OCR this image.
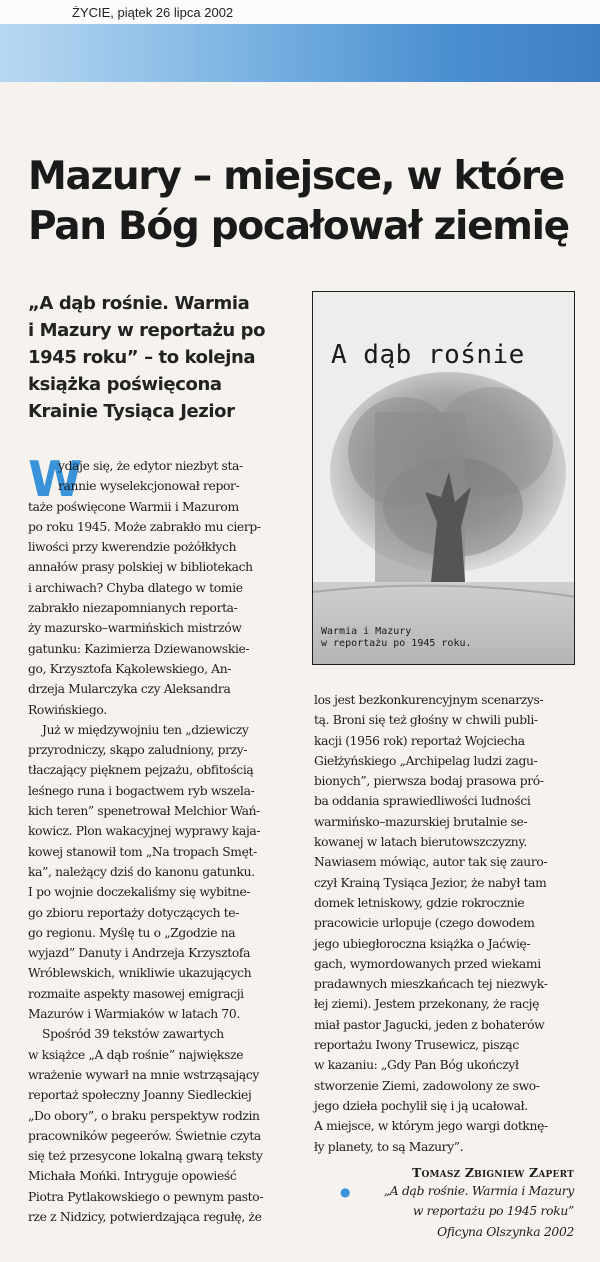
ŻYCIE, piątek 26 lipca 2002
Mazury – miejsce, w które
Pan Bóg pocałował ziemię
„A dąb rośnie. Warmia
i Mazury w reportażu po
1945 roku” – to kolejna
książka poświęcona
Krainie Tysiąca Jezior
A dąb rośnie
Warmia i Mazury
w reportażu po 1945 roku.
W
ydaje się, że edytor niezbyt sta-
rannie wyselekcjonował repor-
taże poświęcone Warmii i Mazurom
po roku 1945. Może zabrakło mu cierp-
liwości przy kwerendzie pożółkłych
annałów prasy polskiej w bibliotekach
i archiwach? Chyba dlatego w tomie
zabrakło niezapomnianych reporta-
ży mazursko–warmińskich mistrzów
gatunku: Kazimierza Dziewanowskie-
go, Krzysztofa Kąkolewskiego, An-
drzeja Mularczyka czy Aleksandra
Rowińskiego.
Już w międzywojniu ten „dziewiczy
przyrodniczy, skąpo zaludniony, przy-
tłaczający pięknem pejzażu, obfitością
leśnego runa i bogactwem ryb wszela-
kich teren” spenetrował Melchior Wań-
kowicz. Plon wakacyjnej wyprawy kaja-
kowej stanowił tom „Na tropach Smęt-
ka”, należący dziś do kanonu gatunku.
I po wojnie doczekaliśmy się wybitne-
go zbioru reportaży dotyczących te-
go regionu. Myślę tu o „Zgodzie na
wyjazd” Danuty i Andrzeja Krzysztofa
Wróblewskich, wnikliwie ukazujących
rozmaite aspekty masowej emigracji
Mazurów i Warmiaków w latach 70.
Spośród 39 tekstów zawartych
w książce „A dąb rośnie” największe
wrażenie wywarł na mnie wstrząsający
reportaż społeczny Joanny Siedleckiej
„Do obory”, o braku perspektyw rodzin
pracowników pegeerów. Świetnie czyta
się też przesycone lokalną gwarą teksty
Michała Mońki. Intryguje opowieść
Piotra Pytlakowskiego o pewnym pasto-
rze z Nidzicy, potwierdzająca regułę, że
los jest bezkonkurencyjnym scenarzys-
tą. Broni się też głośny w chwili publi-
kacji (1956 rok) reportaż Wojciecha
Giełżyńskiego „Archipelag ludzi zagu-
bionych”, pierwsza bodaj prasowa pró-
ba oddania sprawiedliwości ludności
warmińsko–mazurskiej brutalnie se-
kowanej w latach bierutowszczyzny.
Nawiasem mówiąc, autor tak się zauro-
czył Krainą Tysiąca Jezior, że nabył tam
domek letniskowy, gdzie rokrocznie
pracowicie urlopuje (czego dowodem
jego ubiegłoroczna książka o Jaćwię-
gach, wymordowanych przed wiekami
pradawnych mieszkańcach tej niezwyk-
łej ziemi). Jestem przekonany, że rację
miał pastor Jagucki, jeden z bohaterów
reportażu Iwony Trusewicz, pisząc
w kazaniu: „Gdy Pan Bóg ukończył
stworzenie Ziemi, zadowolony ze swo-
jego dzieła pochylił się i ją ucałował.
A miejsce, w którym jego wargi dotknę-
ły planety, to są Mazury”.
Tomasz Zbigniew Zapert
●	„A dąb rośnie. Warmia i Mazury
w reportażu po 1945 roku”
Oficyna Olszynka 2002
